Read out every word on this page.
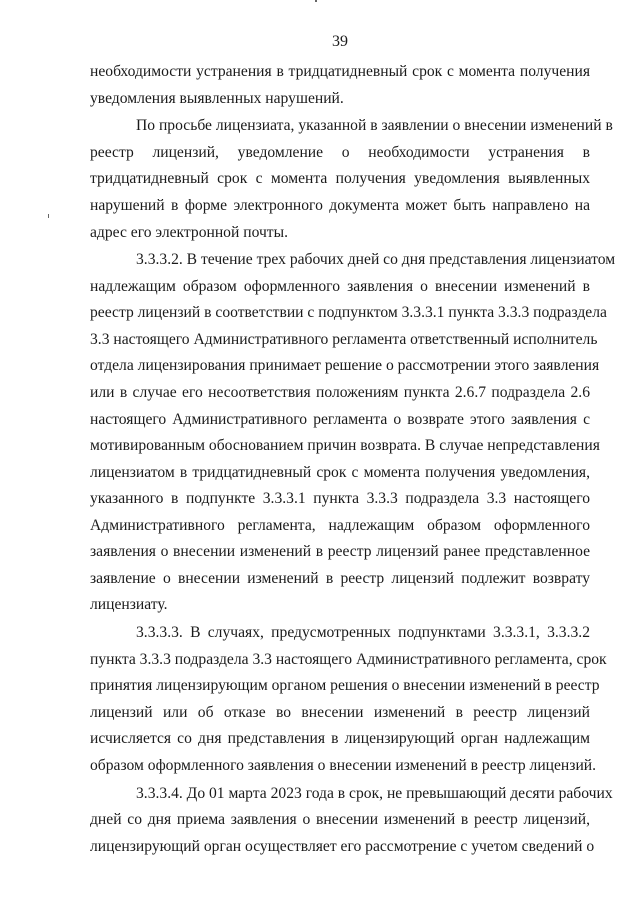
39
необходимости устранения в тридцатидневный срок с момента получения
уведомления выявленных нарушений.
По просьбе лицензиата, указанной в заявлении о внесении изменений в
реестр лицензий, уведомление о необходимости устранения в
тридцатидневный срок с момента получения уведомления выявленных
нарушений в форме электронного документа может быть направлено на
адрес его электронной почты.
3.3.3.2. В течение трех рабочих дней со дня представления лицензиатом
надлежащим образом оформленного заявления о внесении изменений в
реестр лицензий в соответствии с подпунктом 3.3.3.1 пункта 3.3.3 подраздела
3.3 настоящего Административного регламента ответственный исполнитель
отдела лицензирования принимает решение о рассмотрении этого заявления
или в случае его несоответствия положениям пункта 2.6.7 подраздела 2.6
настоящего Административного регламента о возврате этого заявления с
мотивированным обоснованием причин возврата. В случае непредставления
лицензиатом в тридцатидневный срок с момента получения уведомления,
указанного в подпункте 3.3.3.1 пункта 3.3.3 подраздела 3.3 настоящего
Административного регламента, надлежащим образом оформленного
заявления о внесении изменений в реестр лицензий ранее представленное
заявление о внесении изменений в реестр лицензий подлежит возврату
лицензиату.
3.3.3.3. В случаях, предусмотренных подпунктами 3.3.3.1, 3.3.3.2
пункта 3.3.3 подраздела 3.3 настоящего Административного регламента, срок
принятия лицензирующим органом решения о внесении изменений в реестр
лицензий или об отказе во внесении изменений в реестр лицензий
исчисляется со дня представления в лицензирующий орган надлежащим
образом оформленного заявления о внесении изменений в реестр лицензий.
3.3.3.4. До 01 марта 2023 года в срок, не превышающий десяти рабочих
дней со дня приема заявления о внесении изменений в реестр лицензий,
лицензирующий орган осуществляет его рассмотрение с учетом сведений о
